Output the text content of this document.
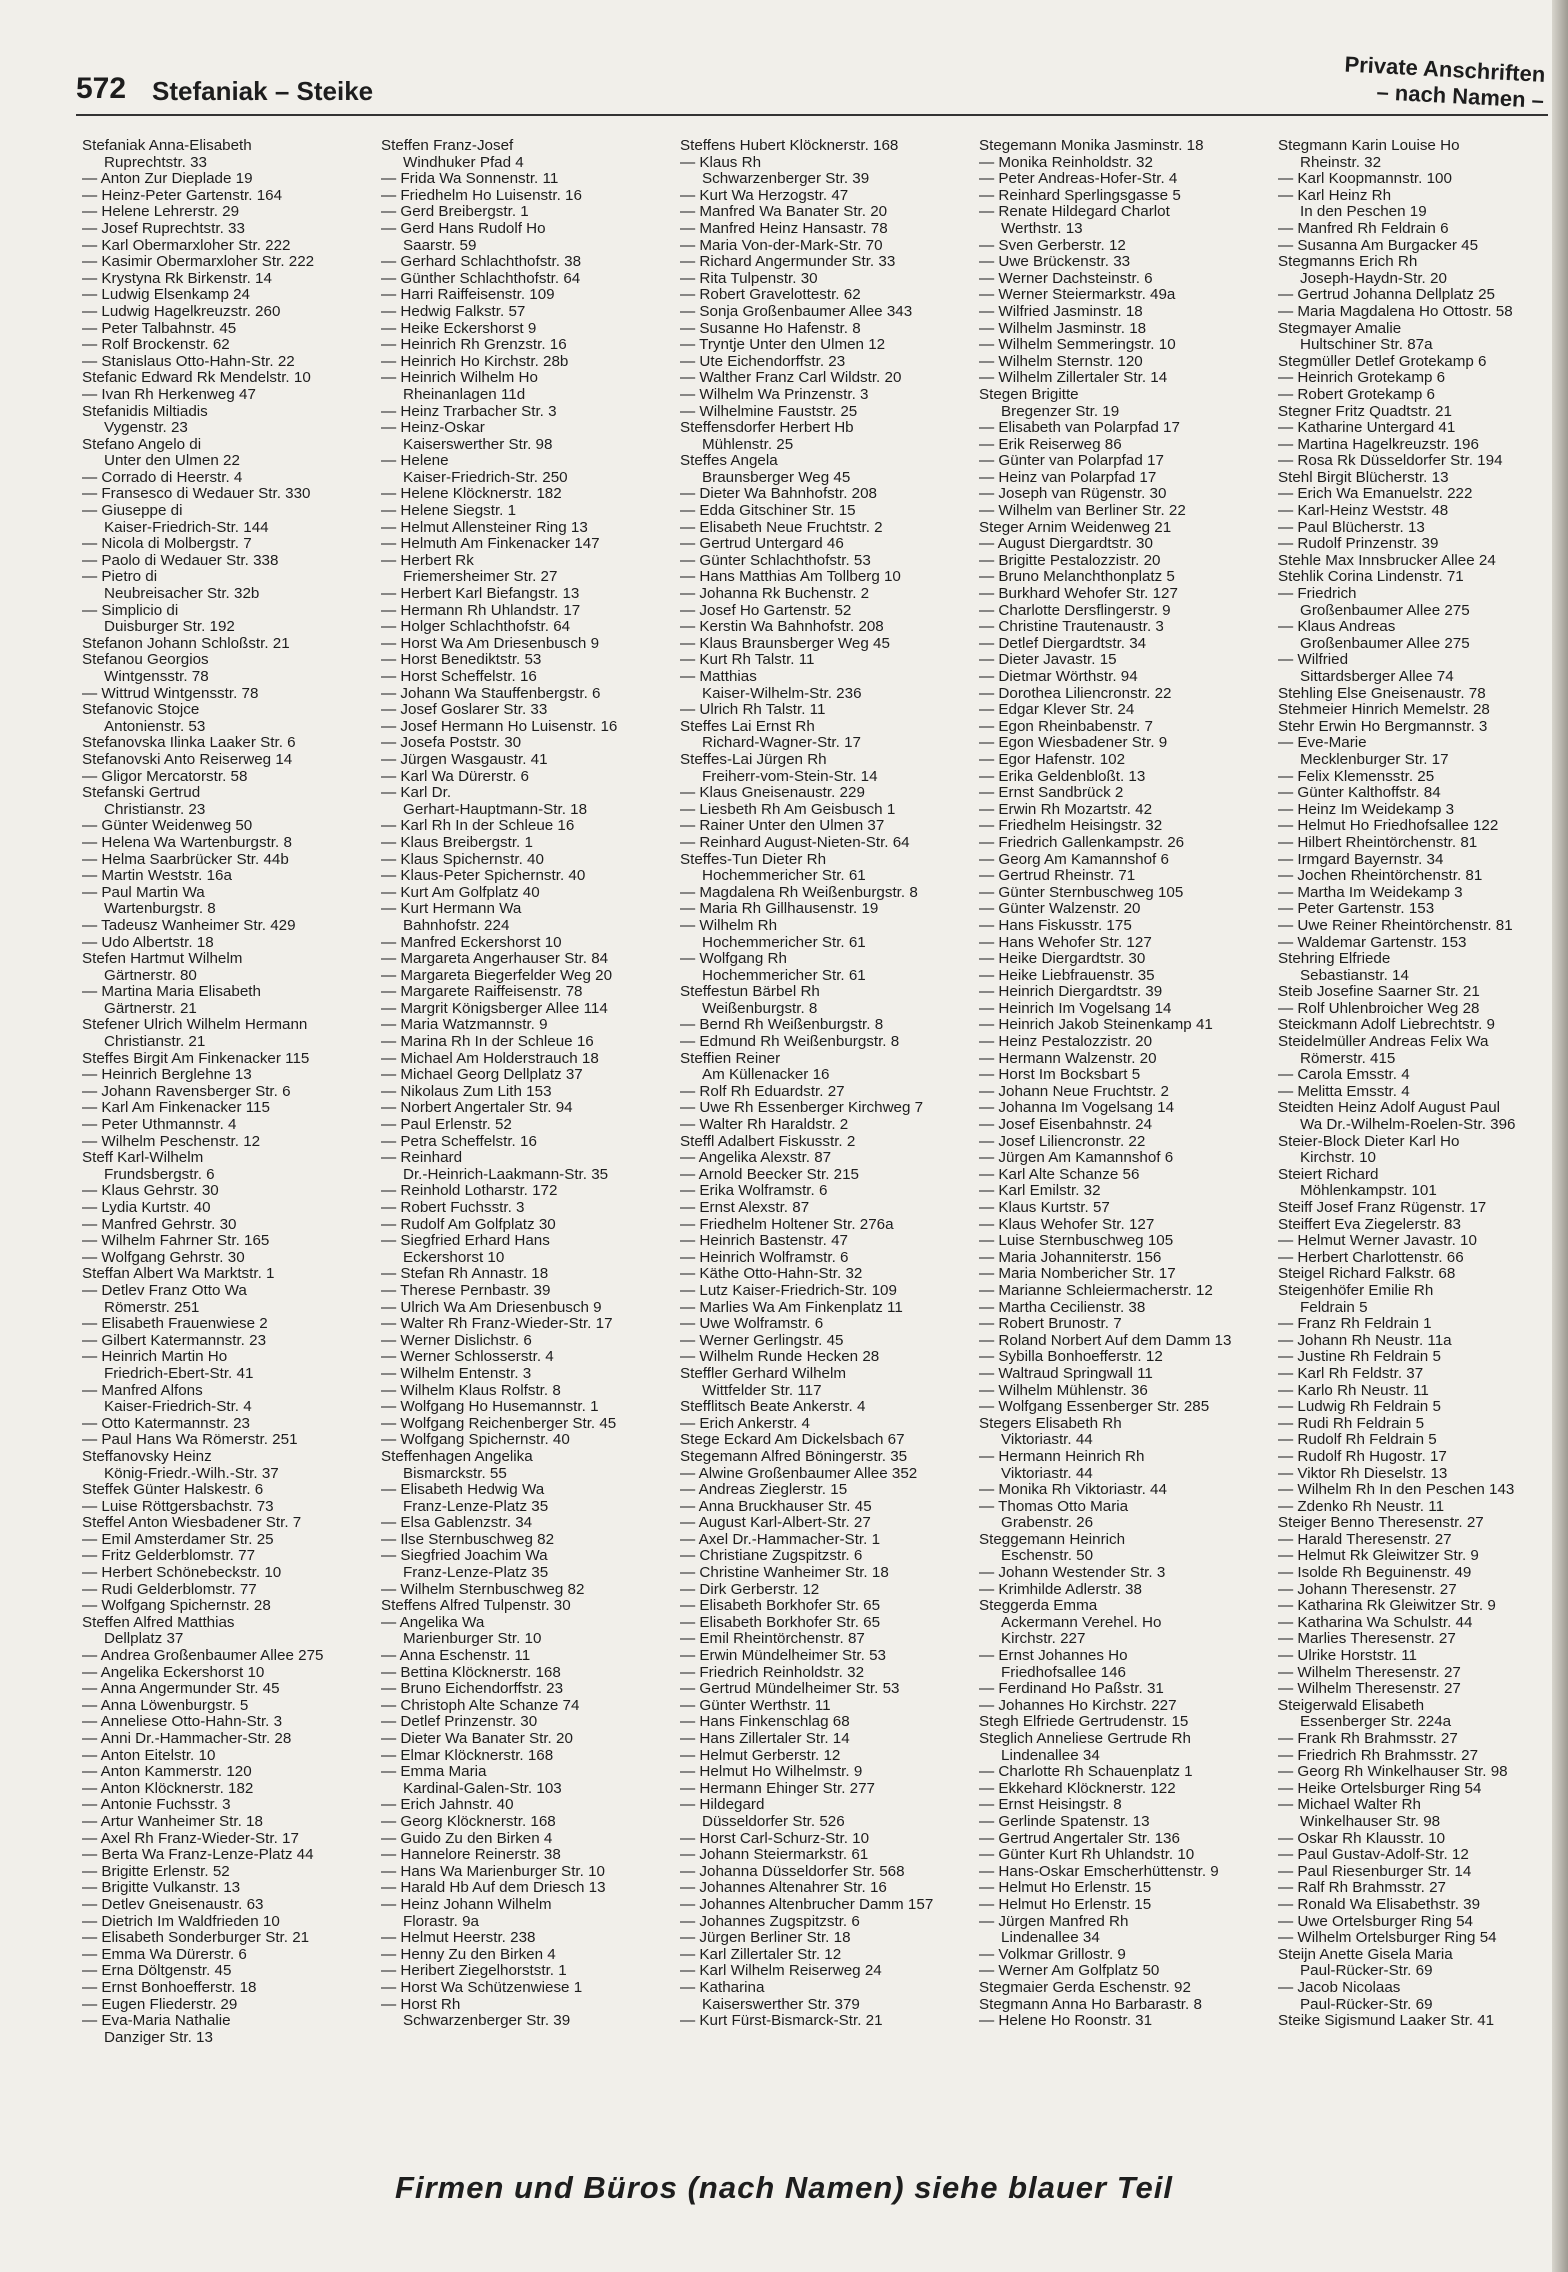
572 Stefaniak – Steike
Private Anschriften
– nach Namen –
Stefaniak Anna-Elisabeth
Ruprechtstr. 33
— Anton Zur Dieplade 19
— Heinz-Peter Gartenstr. 164
— Helene Lehrerstr. 29
— Josef Ruprechtstr. 33
— Karl Obermarxloher Str. 222
— Kasimir Obermarxloher Str. 222
— Krystyna Rk Birkenstr. 14
— Ludwig Elsenkamp 24
— Ludwig Hagelkreuzstr. 260
— Peter Talbahnstr. 45
— Rolf Brockenstr. 62
— Stanislaus Otto-Hahn-Str. 22
Stefanic Edward Rk Mendelstr. 10
— Ivan Rh Herkenweg 47
Stefanidis Miltiadis
Vygenstr. 23
Stefano Angelo di
Unter den Ulmen 22
— Corrado di Heerstr. 4
— Fransesco di Wedauer Str. 330
— Giuseppe di
Kaiser-Friedrich-Str. 144
— Nicola di Molbergstr. 7
— Paolo di Wedauer Str. 338
— Pietro di
Neubreisacher Str. 32b
— Simplicio di
Duisburger Str. 192
Stefanon Johann Schloßstr. 21
Stefanou Georgios
Wintgensstr. 78
— Wittrud Wintgensstr. 78
Stefanovic Stojce
Antonienstr. 53
Stefanovska Ilinka Laaker Str. 6
Stefanovski Anto Reiserweg 14
— Gligor Mercatorstr. 58
Stefanski Gertrud
Christianstr. 23
— Günter Weidenweg 50
— Helena Wa Wartenburgstr. 8
— Helma Saarbrücker Str. 44b
— Martin Weststr. 16a
— Paul Martin Wa
Wartenburgstr. 8
— Tadeusz Wanheimer Str. 429
— Udo Albertstr. 18
Stefen Hartmut Wilhelm
Gärtnerstr. 80
— Martina Maria Elisabeth
Gärtnerstr. 21
Stefener Ulrich Wilhelm Hermann
Christianstr. 21
Steffes Birgit Am Finkenacker 115
— Heinrich Berglehne 13
— Johann Ravensberger Str. 6
— Karl Am Finkenacker 115
— Peter Uthmannstr. 4
— Wilhelm Peschenstr. 12
Steff Karl-Wilhelm
Frundsbergstr. 6
— Klaus Gehrstr. 30
— Lydia Kurtstr. 40
— Manfred Gehrstr. 30
— Wilhelm Fahrner Str. 165
— Wolfgang Gehrstr. 30
Steffan Albert Wa Marktstr. 1
— Detlev Franz Otto Wa
Römerstr. 251
— Elisabeth Frauenwiese 2
— Gilbert Katermannstr. 23
— Heinrich Martin Ho
Friedrich-Ebert-Str. 41
— Manfred Alfons
Kaiser-Friedrich-Str. 4
— Otto Katermannstr. 23
— Paul Hans Wa Römerstr. 251
Steffanovsky Heinz
König-Friedr.-Wilh.-Str. 37
Steffek Günter Halskestr. 6
— Luise Röttgersbachstr. 73
Steffel Anton Wiesbadener Str. 7
— Emil Amsterdamer Str. 25
— Fritz Gelderblomstr. 77
— Herbert Schönebeckstr. 10
— Rudi Gelderblomstr. 77
— Wolfgang Spichernstr. 28
Steffen Alfred Matthias
Dellplatz 37
— Andrea Großenbaumer Allee 275
— Angelika Eckershorst 10
— Anna Angermunder Str. 45
— Anna Löwenburgstr. 5
— Anneliese Otto-Hahn-Str. 3
— Anni Dr.-Hammacher-Str. 28
— Anton Eitelstr. 10
— Anton Kammerstr. 120
— Anton Klöcknerstr. 182
— Antonie Fuchsstr. 3
— Artur Wanheimer Str. 18
— Axel Rh Franz-Wieder-Str. 17
— Berta Wa Franz-Lenze-Platz 44
— Brigitte Erlenstr. 52
— Brigitte Vulkanstr. 13
— Detlev Gneisenaustr. 63
— Dietrich Im Waldfrieden 10
— Elisabeth Sonderburger Str. 21
— Emma Wa Dürerstr. 6
— Erna Döltgenstr. 45
— Ernst Bonhoefferstr. 18
— Eugen Fliederstr. 29
— Eva-Maria Nathalie
Danziger Str. 13
Steffen Franz-Josef
Windhuker Pfad 4
— Frida Wa Sonnenstr. 11
— Friedhelm Ho Luisenstr. 16
— Gerd Breibergstr. 1
— Gerd Hans Rudolf Ho
Saarstr. 59
— Gerhard Schlachthofstr. 38
— Günther Schlachthofstr. 64
— Harri Raiffeisenstr. 109
— Hedwig Falkstr. 57
— Heike Eckershorst 9
— Heinrich Rh Grenzstr. 16
— Heinrich Ho Kirchstr. 28b
— Heinrich Wilhelm Ho
Rheinanlagen 11d
— Heinz Trarbacher Str. 3
— Heinz-Oskar
Kaiserswerther Str. 98
— Helene
Kaiser-Friedrich-Str. 250
— Helene Klöcknerstr. 182
— Helene Siegstr. 1
— Helmut Allensteiner Ring 13
— Helmuth Am Finkenacker 147
— Herbert Rk
Friemersheimer Str. 27
— Herbert Karl Biefangstr. 13
— Hermann Rh Uhlandstr. 17
— Holger Schlachthofstr. 64
— Horst Wa Am Driesenbusch 9
— Horst Benediktstr. 53
— Horst Scheffelstr. 16
— Johann Wa Stauffenbergstr. 6
— Josef Goslarer Str. 33
— Josef Hermann Ho Luisenstr. 16
— Josefa Poststr. 30
— Jürgen Wasgaustr. 41
— Karl Wa Dürerstr. 6
— Karl Dr.
Gerhart-Hauptmann-Str. 18
— Karl Rh In der Schleue 16
— Klaus Breibergstr. 1
— Klaus Spichernstr. 40
— Klaus-Peter Spichernstr. 40
— Kurt Am Golfplatz 40
— Kurt Hermann Wa
Bahnhofstr. 224
— Manfred Eckershorst 10
— Margareta Angerhauser Str. 84
— Margareta Biegerfelder Weg 20
— Margarete Raiffeisenstr. 78
— Margrit Königsberger Allee 114
— Maria Watzmannstr. 9
— Marina Rh In der Schleue 16
— Michael Am Holderstrauch 18
— Michael Georg Dellplatz 37
— Nikolaus Zum Lith 153
— Norbert Angertaler Str. 94
— Paul Erlenstr. 52
— Petra Scheffelstr. 16
— Reinhard
Dr.-Heinrich-Laakmann-Str. 35
— Reinhold Lotharstr. 172
— Robert Fuchsstr. 3
— Rudolf Am Golfplatz 30
— Siegfried Erhard Hans
Eckershorst 10
— Stefan Rh Annastr. 18
— Therese Pernbastr. 39
— Ulrich Wa Am Driesenbusch 9
— Walter Rh Franz-Wieder-Str. 17
— Werner Dislichstr. 6
— Werner Schlosserstr. 4
— Wilhelm Entenstr. 3
— Wilhelm Klaus Rolfstr. 8
— Wolfgang Ho Husemannstr. 1
— Wolfgang Reichenberger Str. 45
— Wolfgang Spichernstr. 40
Steffenhagen Angelika
Bismarckstr. 55
— Elisabeth Hedwig Wa
Franz-Lenze-Platz 35
— Elsa Gablenzstr. 34
— Ilse Sternbuschweg 82
— Siegfried Joachim Wa
Franz-Lenze-Platz 35
— Wilhelm Sternbuschweg 82
Steffens Alfred Tulpenstr. 30
— Angelika Wa
Marienburger Str. 10
— Anna Eschenstr. 11
— Bettina Klöcknerstr. 168
— Bruno Eichendorffstr. 23
— Christoph Alte Schanze 74
— Detlef Prinzenstr. 30
— Dieter Wa Banater Str. 20
— Elmar Klöcknerstr. 168
— Emma Maria
Kardinal-Galen-Str. 103
— Erich Jahnstr. 40
— Georg Klöcknerstr. 168
— Guido Zu den Birken 4
— Hannelore Reinerstr. 38
— Hans Wa Marienburger Str. 10
— Harald Hb Auf dem Driesch 13
— Heinz Johann Wilhelm
Florastr. 9a
— Helmut Heerstr. 238
— Henny Zu den Birken 4
— Heribert Ziegelhorststr. 1
— Horst Wa Schützenwiese 1
— Horst Rh
Schwarzenberger Str. 39
Steffens Hubert Klöcknerstr. 168
— Klaus Rh
Schwarzenberger Str. 39
— Kurt Wa Herzogstr. 47
— Manfred Wa Banater Str. 20
— Manfred Heinz Hansastr. 78
— Maria Von-der-Mark-Str. 70
— Richard Angermunder Str. 33
— Rita Tulpenstr. 30
— Robert Gravelottestr. 62
— Sonja Großenbaumer Allee 343
— Susanne Ho Hafenstr. 8
— Tryntje Unter den Ulmen 12
— Ute Eichendorffstr. 23
— Walther Franz Carl Wildstr. 20
— Wilhelm Wa Prinzenstr. 3
— Wilhelmine Fauststr. 25
Steffensdorfer Herbert Hb
Mühlenstr. 25
Steffes Angela
Braunsberger Weg 45
— Dieter Wa Bahnhofstr. 208
— Edda Gitschiner Str. 15
— Elisabeth Neue Fruchtstr. 2
— Gertrud Untergard 46
— Günter Schlachthofstr. 53
— Hans Matthias Am Tollberg 10
— Johanna Rk Buchenstr. 2
— Josef Ho Gartenstr. 52
— Kerstin Wa Bahnhofstr. 208
— Klaus Braunsberger Weg 45
— Kurt Rh Talstr. 11
— Matthias
Kaiser-Wilhelm-Str. 236
— Ulrich Rh Talstr. 11
Steffes Lai Ernst Rh
Richard-Wagner-Str. 17
Steffes-Lai Jürgen Rh
Freiherr-vom-Stein-Str. 14
— Klaus Gneisenaustr. 229
— Liesbeth Rh Am Geisbusch 1
— Rainer Unter den Ulmen 37
— Reinhard August-Nieten-Str. 64
Steffes-Tun Dieter Rh
Hochemmericher Str. 61
— Magdalena Rh Weißenburgstr. 8
— Maria Rh Gillhausenstr. 19
— Wilhelm Rh
Hochemmericher Str. 61
— Wolfgang Rh
Hochemmericher Str. 61
Steffestun Bärbel Rh
Weißenburgstr. 8
— Bernd Rh Weißenburgstr. 8
— Edmund Rh Weißenburgstr. 8
Steffien Reiner
Am Küllenacker 16
— Rolf Rh Eduardstr. 27
— Uwe Rh Essenberger Kirchweg 7
— Walter Rh Haraldstr. 2
Steffl Adalbert Fiskusstr. 2
— Angelika Alexstr. 87
— Arnold Beecker Str. 215
— Erika Wolframstr. 6
— Ernst Alexstr. 87
— Friedhelm Holtener Str. 276a
— Heinrich Bastenstr. 47
— Heinrich Wolframstr. 6
— Käthe Otto-Hahn-Str. 32
— Lutz Kaiser-Friedrich-Str. 109
— Marlies Wa Am Finkenplatz 11
— Uwe Wolframstr. 6
— Werner Gerlingstr. 45
— Wilhelm Runde Hecken 28
Steffler Gerhard Wilhelm
Wittfelder Str. 117
Stefflitsch Beate Ankerstr. 4
— Erich Ankerstr. 4
Stege Eckard Am Dickelsbach 67
Stegemann Alfred Böningerstr. 35
— Alwine Großenbaumer Allee 352
— Andreas Zieglerstr. 15
— Anna Bruckhauser Str. 45
— August Karl-Albert-Str. 27
— Axel Dr.-Hammacher-Str. 1
— Christiane Zugspitzstr. 6
— Christine Wanheimer Str. 18
— Dirk Gerberstr. 12
— Elisabeth Borkhofer Str. 65
— Elisabeth Borkhofer Str. 65
— Emil Rheintörchenstr. 87
— Erwin Mündelheimer Str. 53
— Friedrich Reinholdstr. 32
— Gertrud Mündelheimer Str. 53
— Günter Werthstr. 11
— Hans Finkenschlag 68
— Hans Zillertaler Str. 14
— Helmut Gerberstr. 12
— Helmut Ho Wilhelmstr. 9
— Hermann Ehinger Str. 277
— Hildegard
Düsseldorfer Str. 526
— Horst Carl-Schurz-Str. 10
— Johann Steiermarkstr. 61
— Johanna Düsseldorfer Str. 568
— Johannes Altenahrer Str. 16
— Johannes Altenbrucher Damm 157
— Johannes Zugspitzstr. 6
— Jürgen Berliner Str. 18
— Karl Zillertaler Str. 12
— Karl Wilhelm Reiserweg 24
— Katharina
Kaiserswerther Str. 379
— Kurt Fürst-Bismarck-Str. 21
Stegemann Monika Jasminstr. 18
— Monika Reinholdstr. 32
— Peter Andreas-Hofer-Str. 4
— Reinhard Sperlingsgasse 5
— Renate Hildegard Charlot
Werthstr. 13
— Sven Gerberstr. 12
— Uwe Brückenstr. 33
— Werner Dachsteinstr. 6
— Werner Steiermarkstr. 49a
— Wilfried Jasminstr. 18
— Wilhelm Jasminstr. 18
— Wilhelm Semmeringstr. 10
— Wilhelm Sternstr. 120
— Wilhelm Zillertaler Str. 14
Stegen Brigitte
Bregenzer Str. 19
— Elisabeth van Polarpfad 17
— Erik Reiserweg 86
— Günter van Polarpfad 17
— Heinz van Polarpfad 17
— Joseph van Rügenstr. 30
— Wilhelm van Berliner Str. 22
Steger Arnim Weidenweg 21
— August Diergardtstr. 30
— Brigitte Pestalozzistr. 20
— Bruno Melanchthonplatz 5
— Burkhard Wehofer Str. 127
— Charlotte Dersflingerstr. 9
— Christine Trautenaustr. 3
— Detlef Diergardtstr. 34
— Dieter Javastr. 15
— Dietmar Wörthstr. 94
— Dorothea Liliencronstr. 22
— Edgar Klever Str. 24
— Egon Rheinbabenstr. 7
— Egon Wiesbadener Str. 9
— Egor Hafenstr. 102
— Erika Geldenbloßt. 13
— Ernst Sandbrück 2
— Erwin Rh Mozartstr. 42
— Friedhelm Heisingstr. 32
— Friedrich Gallenkampstr. 26
— Georg Am Kamannshof 6
— Gertrud Rheinstr. 71
— Günter Sternbuschweg 105
— Günter Walzenstr. 20
— Hans Fiskusstr. 175
— Hans Wehofer Str. 127
— Heike Diergardtstr. 30
— Heike Liebfrauenstr. 35
— Heinrich Diergardtstr. 39
— Heinrich Im Vogelsang 14
— Heinrich Jakob Steinenkamp 41
— Heinz Pestalozzistr. 20
— Hermann Walzenstr. 20
— Horst Im Bocksbart 5
— Johann Neue Fruchtstr. 2
— Johanna Im Vogelsang 14
— Josef Eisenbahnstr. 24
— Josef Liliencronstr. 22
— Jürgen Am Kamannshof 6
— Karl Alte Schanze 56
— Karl Emilstr. 32
— Klaus Kurtstr. 57
— Klaus Wehofer Str. 127
— Luise Sternbuschweg 105
— Maria Johanniterstr. 156
— Maria Nombericher Str. 17
— Marianne Schleiermacherstr. 12
— Martha Cecilienstr. 38
— Robert Brunostr. 7
— Roland Norbert Auf dem Damm 13
— Sybilla Bonhoefferstr. 12
— Waltraud Springwall 11
— Wilhelm Mühlenstr. 36
— Wolfgang Essenberger Str. 285
Stegers Elisabeth Rh
Viktoriastr. 44
— Hermann Heinrich Rh
Viktoriastr. 44
— Monika Rh Viktoriastr. 44
— Thomas Otto Maria
Grabenstr. 26
Steggemann Heinrich
Eschenstr. 50
— Johann Westender Str. 3
— Krimhilde Adlerstr. 38
Steggerda Emma
Ackermann Verehel. Ho
Kirchstr. 227
— Ernst Johannes Ho
Friedhofsallee 146
— Ferdinand Ho Paßstr. 31
— Johannes Ho Kirchstr. 227
Stegh Elfriede Gertrudenstr. 15
Steglich Anneliese Gertrude Rh
Lindenallee 34
— Charlotte Rh Schauenplatz 1
— Ekkehard Klöcknerstr. 122
— Ernst Heisingstr. 8
— Gerlinde Spatenstr. 13
— Gertrud Angertaler Str. 136
— Günter Kurt Rh Uhlandstr. 10
— Hans-Oskar Emscherhüttenstr. 9
— Helmut Ho Erlenstr. 15
— Helmut Ho Erlenstr. 15
— Jürgen Manfred Rh
Lindenallee 34
— Volkmar Grillostr. 9
— Werner Am Golfplatz 50
Stegmaier Gerda Eschenstr. 92
Stegmann Anna Ho Barbarastr. 8
— Helene Ho Roonstr. 31
Stegmann Karin Louise Ho
Rheinstr. 32
— Karl Koopmannstr. 100
— Karl Heinz Rh
In den Peschen 19
— Manfred Rh Feldrain 6
— Susanna Am Burgacker 45
Stegmanns Erich Rh
Joseph-Haydn-Str. 20
— Gertrud Johanna Dellplatz 25
— Maria Magdalena Ho Ottostr. 58
Stegmayer Amalie
Hultschiner Str. 87a
Stegmüller Detlef Grotekamp 6
— Heinrich Grotekamp 6
— Robert Grotekamp 6
Stegner Fritz Quadtstr. 21
— Katharine Untergard 41
— Martina Hagelkreuzstr. 196
— Rosa Rk Düsseldorfer Str. 194
Stehl Birgit Blücherstr. 13
— Erich Wa Emanuelstr. 222
— Karl-Heinz Weststr. 48
— Paul Blücherstr. 13
— Rudolf Prinzenstr. 39
Stehle Max Innsbrucker Allee 24
Stehlik Corina Lindenstr. 71
— Friedrich
Großenbaumer Allee 275
— Klaus Andreas
Großenbaumer Allee 275
— Wilfried
Sittardsberger Allee 74
Stehling Else Gneisenaustr. 78
Stehmeier Hinrich Memelstr. 28
Stehr Erwin Ho Bergmannstr. 3
— Eve-Marie
Mecklenburger Str. 17
— Felix Klemensstr. 25
— Günter Kalthoffstr. 84
— Heinz Im Weidekamp 3
— Helmut Ho Friedhofsallee 122
— Hilbert Rheintörchenstr. 81
— Irmgard Bayernstr. 34
— Jochen Rheintörchenstr. 81
— Martha Im Weidekamp 3
— Peter Gartenstr. 153
— Uwe Reiner Rheintörchenstr. 81
— Waldemar Gartenstr. 153
Stehring Elfriede
Sebastianstr. 14
Steib Josefine Saarner Str. 21
— Rolf Uhlenbroicher Weg 28
Steickmann Adolf Liebrechtstr. 9
Steidelmüller Andreas Felix Wa
Römerstr. 415
— Carola Emsstr. 4
— Melitta Emsstr. 4
Steidten Heinz Adolf August Paul
Wa Dr.-Wilhelm-Roelen-Str. 396
Steier-Block Dieter Karl Ho
Kirchstr. 10
Steiert Richard
Möhlenkampstr. 101
Steiff Josef Franz Rügenstr. 17
Steiffert Eva Ziegelerstr. 83
— Helmut Werner Javastr. 10
— Herbert Charlottenstr. 66
Steigel Richard Falkstr. 68
Steigenhöfer Emilie Rh
Feldrain 5
— Franz Rh Feldrain 1
— Johann Rh Neustr. 11a
— Justine Rh Feldrain 5
— Karl Rh Feldstr. 37
— Karlo Rh Neustr. 11
— Ludwig Rh Feldrain 5
— Rudi Rh Feldrain 5
— Rudolf Rh Feldrain 5
— Rudolf Rh Hugostr. 17
— Viktor Rh Dieselstr. 13
— Wilhelm Rh In den Peschen 143
— Zdenko Rh Neustr. 11
Steiger Benno Theresenstr. 27
— Harald Theresenstr. 27
— Helmut Rk Gleiwitzer Str. 9
— Isolde Rh Beguinenstr. 49
— Johann Theresenstr. 27
— Katharina Rk Gleiwitzer Str. 9
— Katharina Wa Schulstr. 44
— Marlies Theresenstr. 27
— Ulrike Horststr. 11
— Wilhelm Theresenstr. 27
— Wilhelm Theresenstr. 27
Steigerwald Elisabeth
Essenberger Str. 224a
— Frank Rh Brahmsstr. 27
— Friedrich Rh Brahmsstr. 27
— Georg Rh Winkelhauser Str. 98
— Heike Ortelsburger Ring 54
— Michael Walter Rh
Winkelhauser Str. 98
— Oskar Rh Klausstr. 10
— Paul Gustav-Adolf-Str. 12
— Paul Riesenburger Str. 14
— Ralf Rh Brahmsstr. 27
— Ronald Wa Elisabethstr. 39
— Uwe Ortelsburger Ring 54
— Wilhelm Ortelsburger Ring 54
Steijn Anette Gisela Maria
Paul-Rücker-Str. 69
— Jacob Nicolaas
Paul-Rücker-Str. 69
Steike Sigismund Laaker Str. 41
Firmen und Büros (nach Namen) siehe blauer Teil
